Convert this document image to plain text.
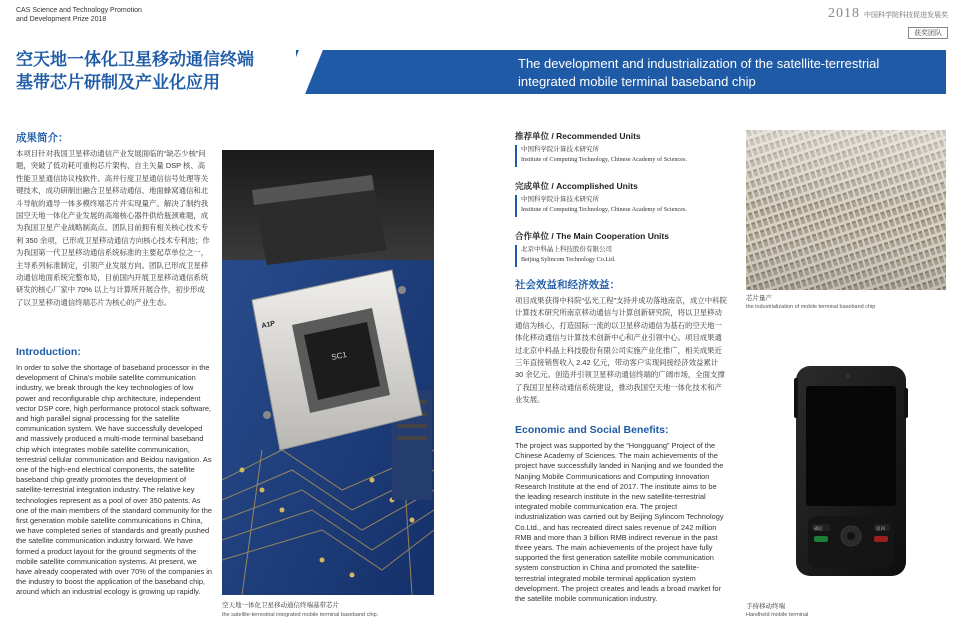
CAS Science and Technology Promotion
and Development Prize 2018	2018 中国科学院科技促进发展奖
获奖团队
空天地一体化卫星移动通信终端
基带芯片研制及产业化应用
The development and industrialization of the satellite-terrestrial
integrated mobile terminal baseband chip
成果简介：
本项目针对我国卫星移动通信产业发展面临的“缺芯少核”问题，突破了低功耗可重构芯片架构、自主矢量 DSP 核、高性能卫星通信协议栈软件、高并行度卫星通信信号处理等关键技术，成功研制出融合卫星移动通信、地面蜂窝通信和北斗导航的通导一体多模终端芯片并实现量产。解决了制约我国空天地一体化产业发展的高端核心器件供给瓶颈难题，成为我国卫星产业战略制高点。团队目前拥有相关核心技术专利 350 余项，已形成卫星移动通信方向核心技术专利池；作为我国第一代卫星移动通信系统标准的主要起草单位之一，主导系列标准制定，引领产业发展方向。团队已形成卫星移动通信地面系统完整布局，目前国内开展卫星移动通信系统研发的核心厂家中 70% 以上与计算所开展合作，初步形成了以卫星移动通信终端芯片为核心的产业生态。
Introduction:
In order to solve the shortage of baseband processor in the development of China's mobile satellite communication industry, we break through the key technologies of low power and reconfigurable chip architecture, independent vector DSP core, high performance protocol stack software, and high parallel signal processing for the satellite communication system. We have successfully developed and massively produced a multi-mode terminal baseband chip which integrates mobile satellite communication, terrestrial cellular communication and Beidou navigation. As one of the high-end electrical components, the satellite baseband chip greatly promotes the development of satellite-terrestrial integration industry. The relative key technologies represent as a pool of over 350 patents. As one of the main members of the standard community for the first generation mobile satellite communications in China, we have completed series of standards and greatly pushed the satellite communication industry forward. We have formed a product layout for the ground segments of the mobile satellite communication systems. At present, we have already cooperated with over 70% of the companies in the industry to boost the application of the baseband chip, around which an industrial ecology is growing up rapidly.
SC1
A1P
空天地一体化卫星移动通信终端基带芯片
the satellite-terrestrial integrated mobile terminal baseband chip.
推荐单位 / Recommended Units
中国科学院计算技术研究所
Institute of Computing Technology, Chinese Academy of Sciences.
完成单位 / Accomplished Units
中国科学院计算技术研究所
Institute of Computing Technology, Chinese Academy of Sciences.
合作单位 / The Main Cooperation Units
北京中科晶上科技股份有限公司
Beijing Sylincom Technology Co.Ltd.
社会效益和经济效益：
项目成果获得中科院“弘光工程”支持并成功落地南京，成立中科院计算技术研究所南京移动通信与计算创新研究院，将以卫星移动通信为核心，打造国际一流的以卫星移动通信为基石的空天地一体化移动通信与计算技术创新中心和产业引领中心。项目成果通过北京中科晶上科技股份有限公司实施产业化推广，相关成果近三年直接销售收入 2.42 亿元，带动客户实现间接经济效益累计 30 余亿元。创造并引领卫星移动通信终端的广阔市场，全面支撑了我国卫星移动通信系统建设，推动我国空天地一体化技术和产业发展。
Economic and Social Benefits:
The project was supported by the “Hongguang” Project of the Chinese Academy of Sciences. The main achievements of the project have successfully landed in Nanjing and we founded the Nanjing Mobile Communications and Computing Innovation Research Institute at the end of 2017. The institute aims to be the leading research institute in the new satellite-terrestrial integrated mobile communication era. The project industrialization was carried out by Beijing Sylincom Technology Co.Ltd., and has recreated direct sales revenue of 242 million RMB and more than 3 billion RMB indirect revenue in the past three years. The main achievements of the project have fully supported the first generation satellite mobile communication system construction in China and promoted the satellite-terrestrial integrated mobile terminal application system development. The project creates and leads a broad market for the satellite mobile communication industry.
芯片量产
the industrialization of mobile terminal baseband chip
确定	返回
手持移动终端
Handheld mobile terminal
